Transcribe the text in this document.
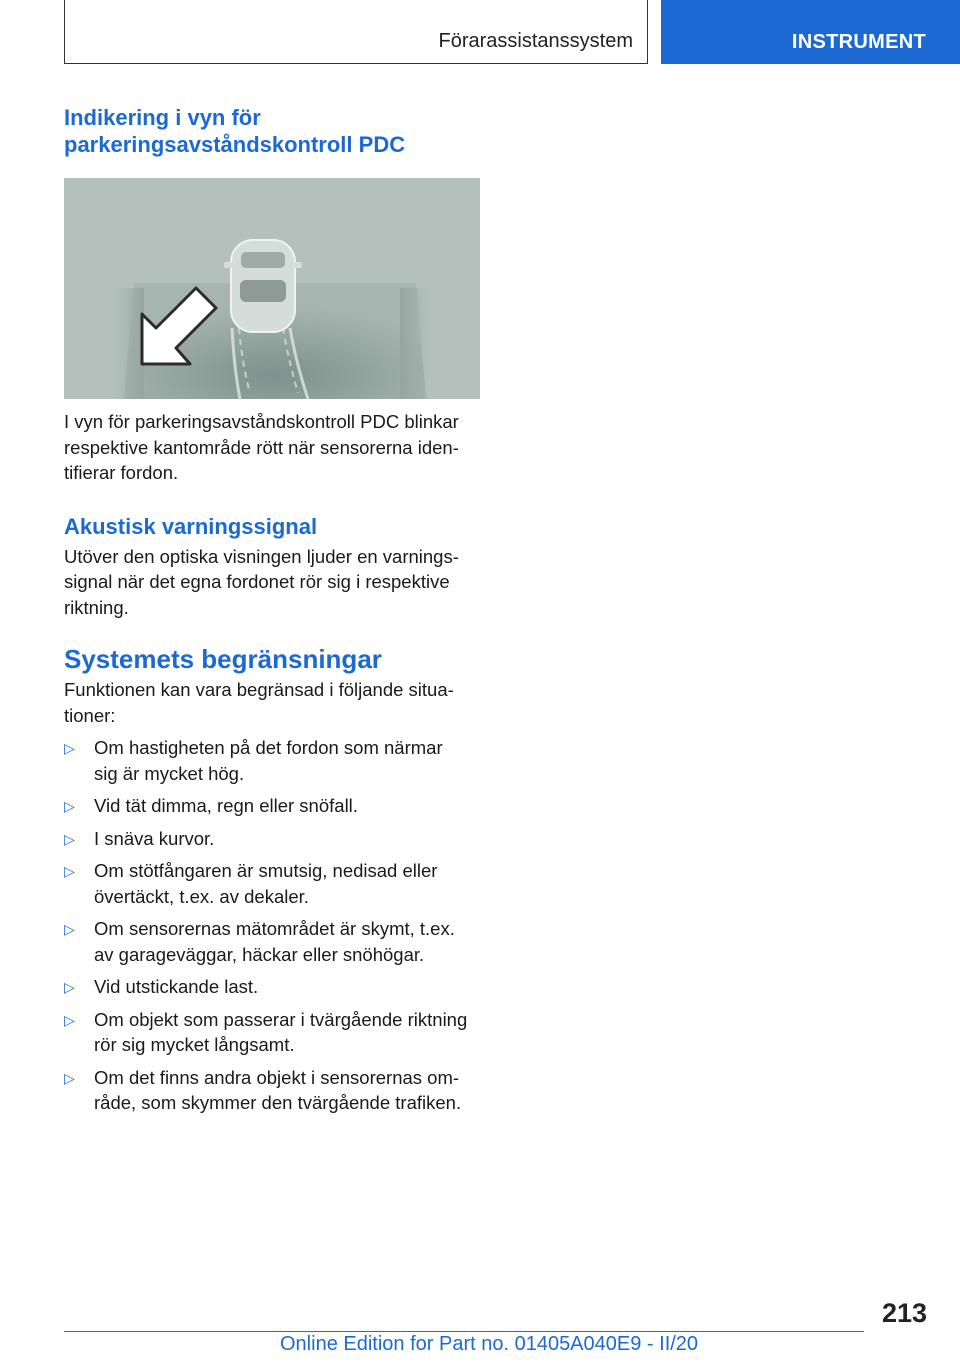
Förarassistanssystem	INSTRUMENT
Indikering i vyn för
parkeringsavståndskontroll PDC

I vyn för parkeringsavståndskontroll PDC blinkar
respektive kantområde rött när sensorerna iden‐
tifierar fordon.

Akustisk varningssignal

Utöver den optiska visningen ljuder en varnings‐
signal när det egna fordonet rör sig i respektive
riktning.

Systemets begränsningar

Funktionen kan vara begränsad i följande situa‐
tioner:

▷ Om hastigheten på det fordon som närmar
sig är mycket hög.
▷ Vid tät dimma, regn eller snöfall.
▷ I snäva kurvor.
▷ Om stötfångaren är smutsig, nedisad eller
övertäckt, t.ex. av dekaler.
▷ Om sensorernas mätområdet är skymt, t.ex.
av garageväggar, häckar eller snöhögar.
▷ Vid utstickande last.
▷ Om objekt som passerar i tvärgående riktning
rör sig mycket långsamt.
▷ Om det finns andra objekt i sensorernas om‐
råde, som skymmer den tvärgående trafiken.
213
Online Edition for Part no. 01405A040E9 - II/20
